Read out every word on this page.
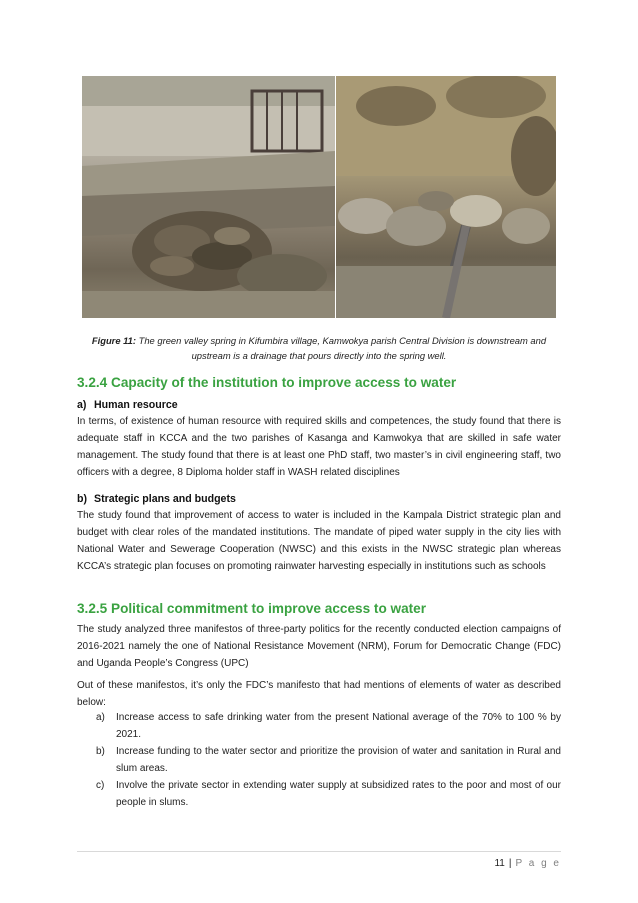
Figure 11: The green valley spring in Kifumbira village, Kamwokya parish Central Division is downstream and upstream is a drainage that pours directly into the spring well.
3.2.4 Capacity of the institution to improve access to water
a) Human resource
In terms, of existence of human resource with required skills and competences, the study found that there is adequate staff in KCCA and the two parishes of Kasanga and Kamwokya that are skilled in safe water management. The study found that there is at least one PhD staff, two master’s in civil engineering staff, two officers with a degree, 8 Diploma holder staff in WASH related disciplines
b) Strategic plans and budgets
The study found that improvement of access to water is included in the Kampala District strategic plan and budget with clear roles of the mandated institutions. The mandate of piped water supply in the city lies with National Water and Sewerage Cooperation (NWSC) and this exists in the NWSC strategic plan whereas KCCA’s strategic plan focuses on promoting rainwater harvesting especially in institutions such as schools
3.2.5 Political commitment to improve access to water
The study analyzed three manifestos of three-party politics for the recently conducted election campaigns of 2016-2021 namely the one of National Resistance Movement (NRM), Forum for Democratic Change (FDC) and Uganda People’s Congress (UPC)
Out of these manifestos, it’s only the FDC’s manifesto that had mentions of elements of water as described below:
a) Increase access to safe drinking water from the present National average of the 70% to 100 % by 2021.
b) Increase funding to the water sector and prioritize the provision of water and sanitation in Rural and slum areas.
c) Involve the private sector in extending water supply at subsidized rates to the poor and most of our people in slums.
11 | P a g e
